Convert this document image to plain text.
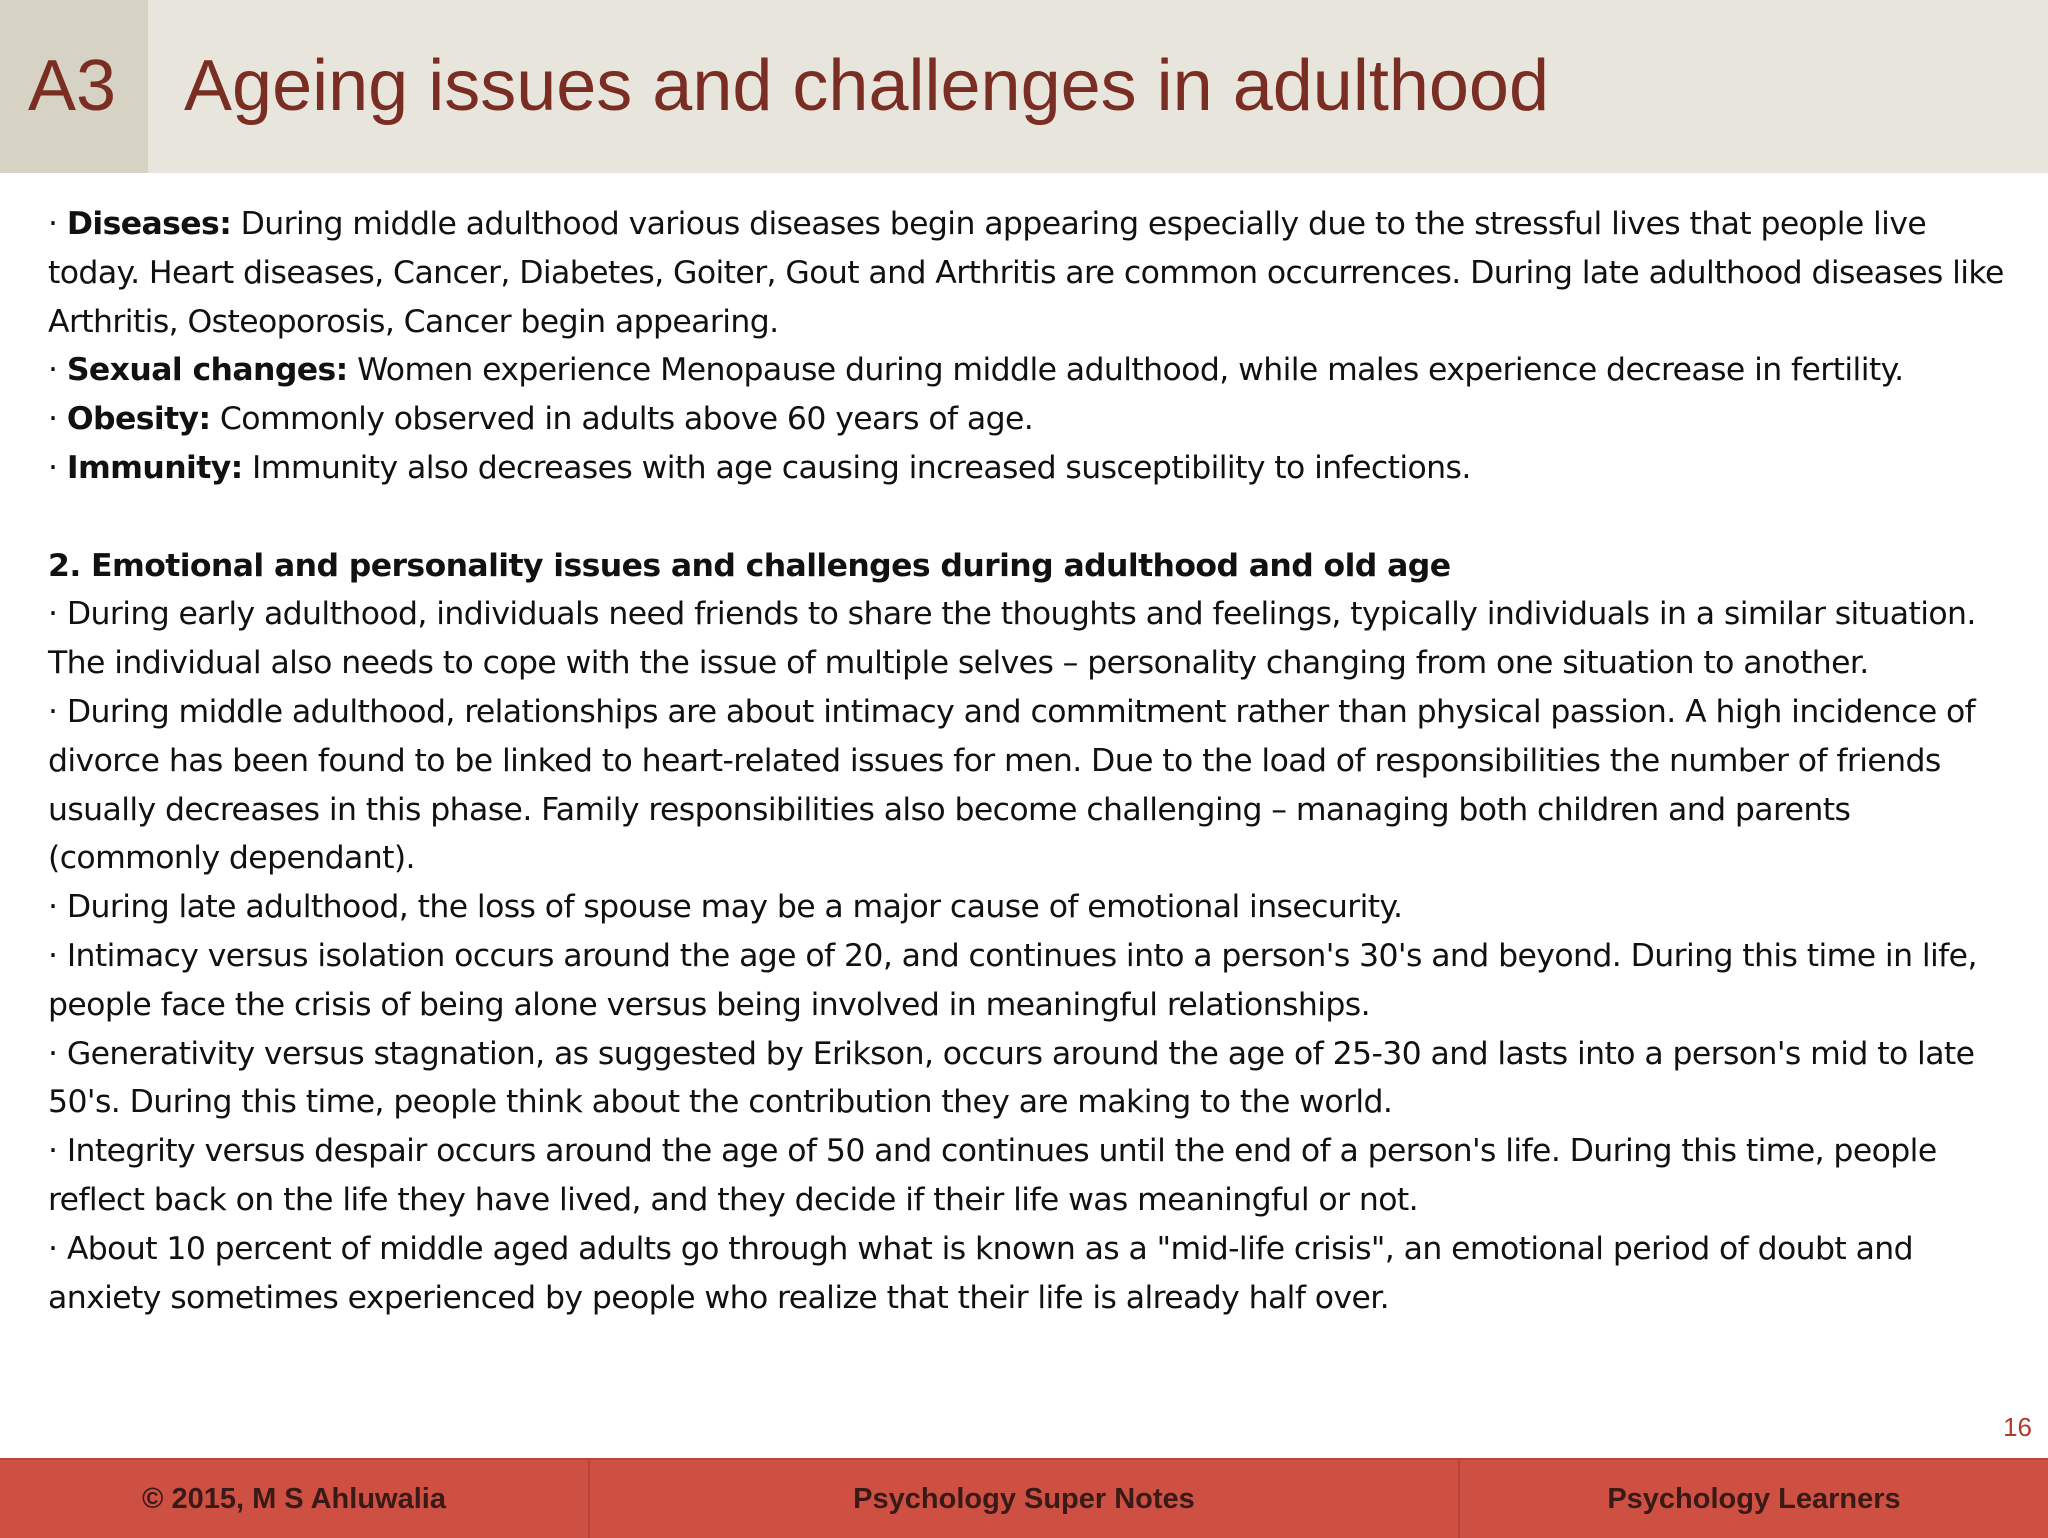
A3 Ageing issues and challenges in adulthood

· Diseases: During middle adulthood various diseases begin appearing especially due to the stressful lives that people live today. Heart diseases, Cancer, Diabetes, Goiter, Gout and Arthritis are common occurrences. During late adulthood diseases like Arthritis, Osteoporosis, Cancer begin appearing.

· Sexual changes: Women experience Menopause during middle adulthood, while males experience decrease in fertility.

· Obesity: Commonly observed in adults above 60 years of age.

· Immunity: Immunity also decreases with age causing increased susceptibility to infections.

2. Emotional and personality issues and challenges during adulthood and old age

· During early adulthood, individuals need friends to share the thoughts and feelings, typically individuals in a similar situation. The individual also needs to cope with the issue of multiple selves – personality changing from one situation to another.

· During middle adulthood, relationships are about intimacy and commitment rather than physical passion. A high incidence of divorce has been found to be linked to heart-related issues for men. Due to the load of responsibilities the number of friends usually decreases in this phase. Family responsibilities also become challenging – managing both children and parents (commonly dependant).

· During late adulthood, the loss of spouse may be a major cause of emotional insecurity.

· Intimacy versus isolation occurs around the age of 20, and continues into a person's 30's and beyond. During this time in life, people face the crisis of being alone versus being involved in meaningful relationships.

· Generativity versus stagnation, as suggested by Erikson, occurs around the age of 25-30 and lasts into a person's mid to late 50's. During this time, people think about the contribution they are making to the world.

· Integrity versus despair occurs around the age of 50 and continues until the end of a person's life. During this time, people reflect back on the life they have lived, and they decide if their life was meaningful or not.

· About 10 percent of middle aged adults go through what is known as a "mid-life crisis", an emotional period of doubt and anxiety sometimes experienced by people who realize that their life is already half over.

16
© 2015, M S Ahluwalia	Psychology Super Notes	Psychology Learners
